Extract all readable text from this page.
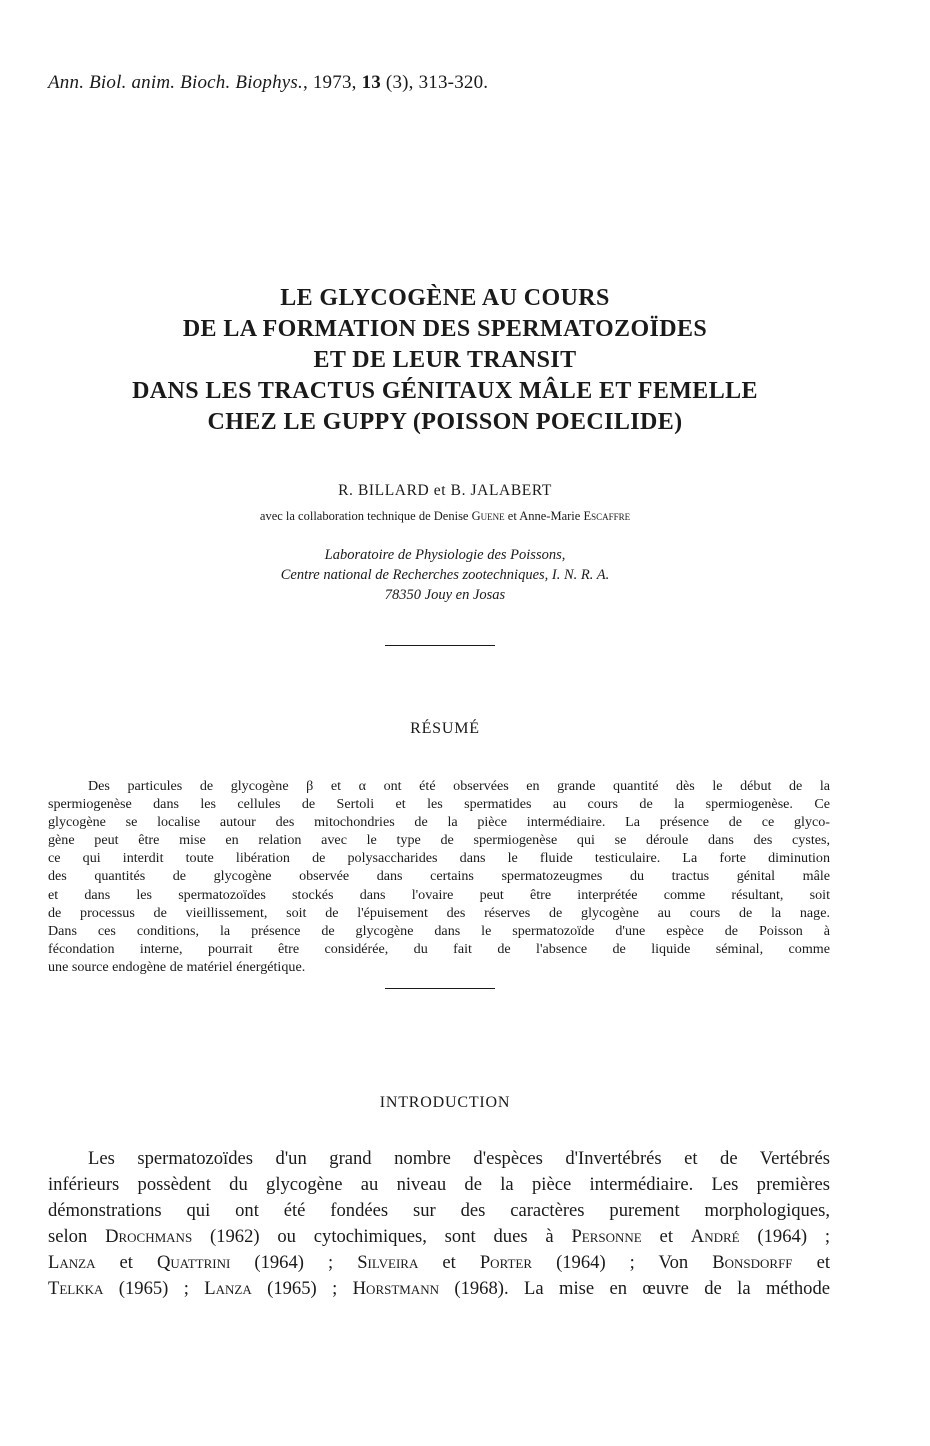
Ann. Biol. anim. Bioch. Biophys., 1973, 13 (3), 313-320.
LE GLYCOGÈNE AU COURS
DE LA FORMATION DES SPERMATOZOÏDES
ET DE LEUR TRANSIT
DANS LES TRACTUS GÉNITAUX MÂLE ET FEMELLE
CHEZ LE GUPPY (POISSON POECILIDE)
R. BILLARD et B. JALABERT
avec la collaboration technique de Denise Guene et Anne-Marie Escaffre
Laboratoire de Physiologie des Poissons,
Centre national de Recherches zootechniques, I. N. R. A.
78350 Jouy en Josas
RÉSUMÉ
Des particules de glycogène β et α ont été observées en grande quantité dès le début de la
spermiogenèse dans les cellules de Sertoli et les spermatides au cours de la spermiogenèse. Ce
glycogène se localise autour des mitochondries de la pièce intermédiaire. La présence de ce glyco-
gène peut être mise en relation avec le type de spermiogenèse qui se déroule dans des cystes,
ce qui interdit toute libération de polysaccharides dans le fluide testiculaire. La forte diminution
des quantités de glycogène observée dans certains spermatozeugmes du tractus génital mâle
et dans les spermatozoïdes stockés dans l'ovaire peut être interprétée comme résultant, soit
de processus de vieillissement, soit de l'épuisement des réserves de glycogène au cours de la nage.
Dans ces conditions, la présence de glycogène dans le spermatozoïde d'une espèce de Poisson à
fécondation interne, pourrait être considérée, du fait de l'absence de liquide séminal, comme
une source endogène de matériel énergétique.
INTRODUCTION
Les spermatozoïdes d'un grand nombre d'espèces d'Invertébrés et de Vertébrés
inférieurs possèdent du glycogène au niveau de la pièce intermédiaire. Les premières
démonstrations qui ont été fondées sur des caractères purement morphologiques,
selon Drochmans (1962) ou cytochimiques, sont dues à Personne et André (1964) ;
Lanza et Quattrini (1964) ; Silveira et Porter (1964) ; Von Bonsdorff et
Telkka (1965) ; Lanza (1965) ; Horstmann (1968). La mise en œuvre de la méthode
